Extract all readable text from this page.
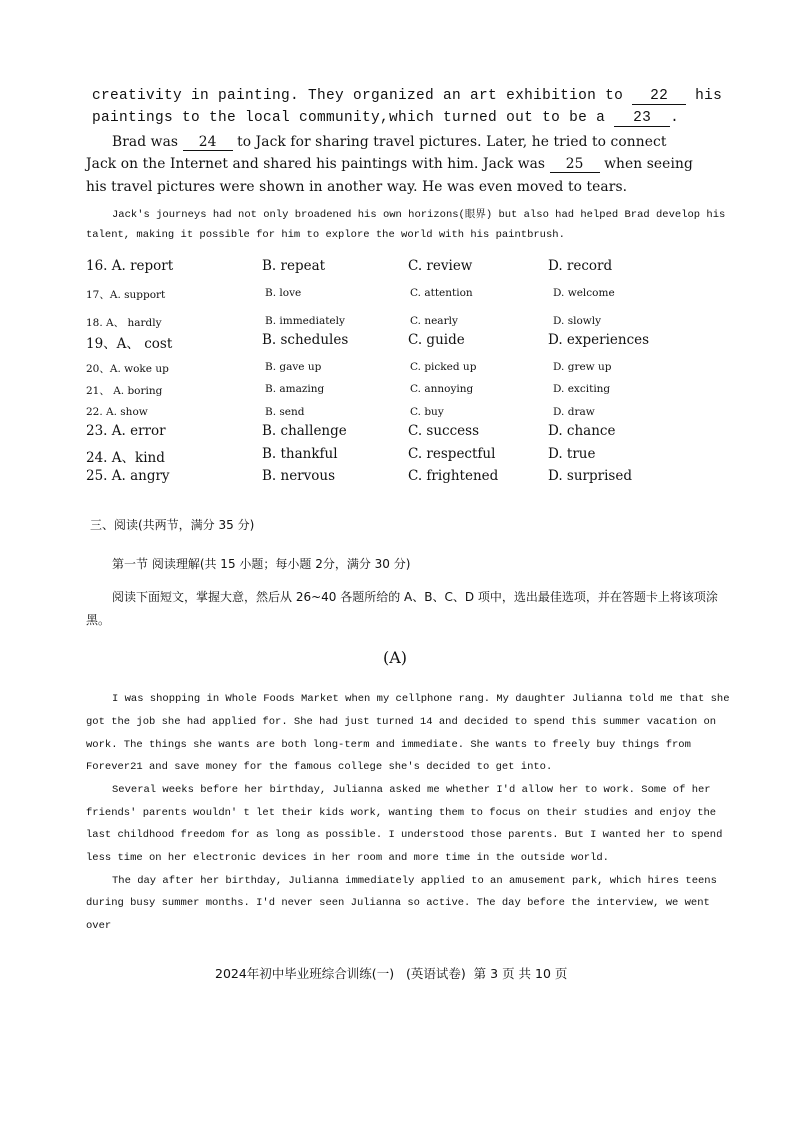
creativity in painting. They organized an art exhibition to 22 his
paintings to the local community,which turned out to be a 23 .
Brad was 24 to Jack for sharing travel pictures. Later, he tried to connect
Jack on the Internet and shared his paintings with him. Jack was 25 when seeing
his travel pictures were shown in another way. He was even moved to tears.
Jack's journeys had not only broadened his own horizons(眼界) but also had helped Brad develop his
talent, making it possible for him to explore the world with his paintbrush.
16. A. report	B. repeat	C. review	D. record
17、A. support	B. love	C. attention	D. welcome
18. A、 hardly	B. immediately	C. nearly	D. slowly
19、A、 cost	B. schedules	C. guide	D. experiences
20、A. woke up	B. gave up	C. picked up	D. grew up
21、 A. boring	B. amazing	C. annoying	D. exciting
22. A. show	B. send	C. buy	D. draw
23. A. error	B. challenge	C. success	D. chance
24. A、kind	B. thankful	C. respectful	D. true
25. A. angry	B. nervous	C. frightened	D. surprised
三、阅读(共两节，满分 35 分)
第一节 阅读理解(共 15 小题；每小题 2分，满分 30 分)
阅读下面短文，掌握大意，然后从 26~40 各题所给的 A、B、C、D 项中，选出最佳选项，并在答题卡上将该项涂
黑。
(A)
I was shopping in Whole Foods Market when my cellphone rang. My daughter Julianna told me that she
got the job she had applied for. She had just turned 14 and decided to spend this summer vacation on
work. The things she wants are both long-term and immediate. She wants to freely buy things from
Forever21 and save money for the famous college she's decided to get into.
Several weeks before her birthday, Julianna asked me whether I'd allow her to work. Some of her
friends' parents wouldn' t let their kids work, wanting them to focus on their studies and enjoy the
last childhood freedom for as long as possible. I understood those parents. But I wanted her to spend
less time on her electronic devices in her room and more time in the outside world.
The day after her birthday, Julianna immediately applied to an amusement park, which hires teens
during busy summer months. I'd never seen Julianna so active. The day before the interview, we went
over
2024年初中毕业班综合训练(一)   (英语试卷)  第 3 页 共 10 页
